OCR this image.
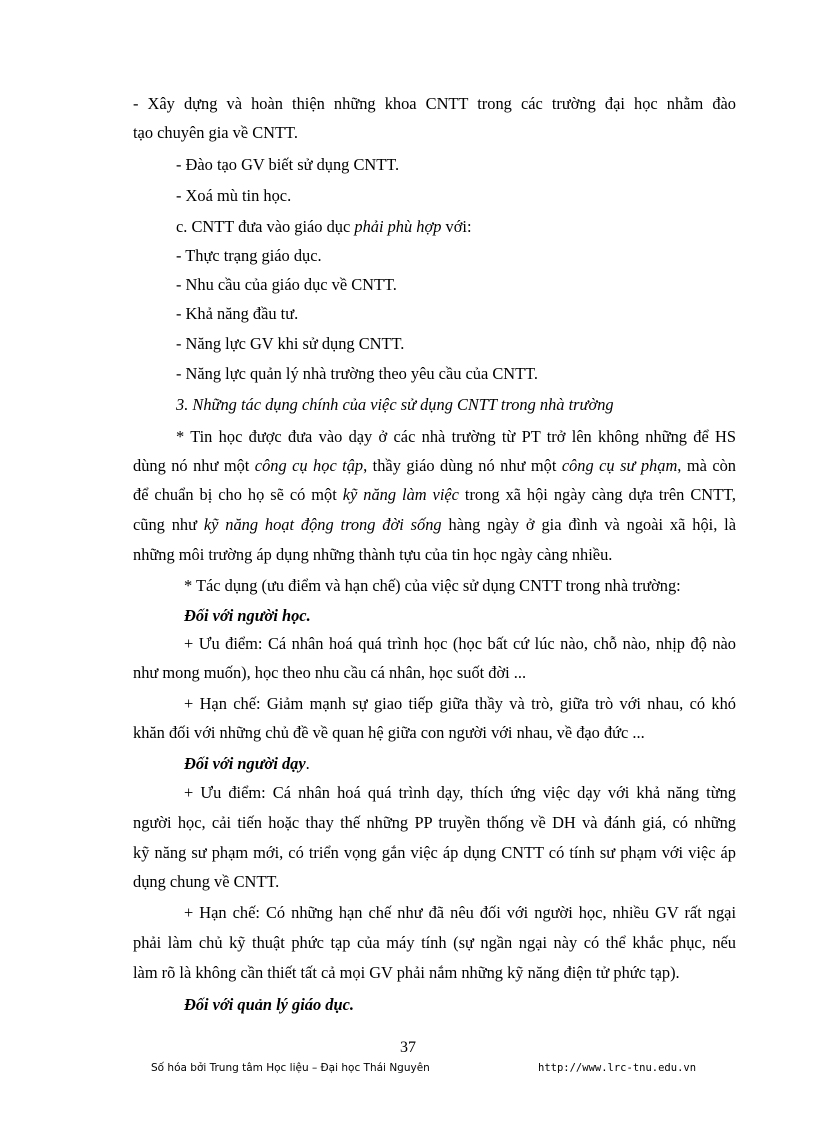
- Xây dựng và hoàn thiện những khoa CNTT trong các trường đại học nhằm đào
tạo chuyên gia về CNTT.
- Đào tạo GV biết sử dụng CNTT.
- Xoá mù tin học.
c. CNTT đưa vào giáo dục phải phù hợp với:
- Thực trạng giáo dục.
- Nhu cầu của giáo dục về CNTT.
- Khả năng đầu tư.
- Năng lực GV khi sử dụng CNTT.
- Năng lực quản lý nhà trường theo yêu cầu của CNTT.
3. Những tác dụng chính của việc sử dụng CNTT trong nhà trường
* Tin học được đưa vào dạy ở các nhà trường từ PT trở lên không những để HS
dùng nó như một công cụ học tập, thầy giáo dùng nó như một công cụ sư phạm, mà còn
để chuẩn bị cho họ sẽ có một kỹ năng làm việc trong xã hội ngày càng dựa trên CNTT,
cũng như kỹ năng hoạt động trong đời sống hàng ngày ở gia đình và ngoài xã hội, là
những môi trường áp dụng những thành tựu của tin học ngày càng nhiều.
* Tác dụng (ưu điểm và hạn chế) của việc sử dụng CNTT trong nhà trường:
Đối với người học.
+ Ưu điểm: Cá nhân hoá quá trình học (học bất cứ lúc nào, chỗ nào, nhịp độ nào
như mong muốn), học theo nhu cầu cá nhân, học suốt đời ...
+ Hạn chế: Giảm mạnh sự giao tiếp giữa thầy và trò, giữa trò với nhau, có khó
khăn đối với những chủ đề về quan hệ giữa con người với nhau, về đạo đức ...
Đối với người dạy.
+ Ưu điểm: Cá nhân hoá quá trình dạy, thích ứng việc dạy với khả năng từng
người học, cải tiến hoặc thay thế những PP truyền thống về DH và đánh giá, có những
kỹ năng sư phạm mới, có triển vọng gắn việc áp dụng CNTT có tính sư phạm với việc áp
dụng chung về CNTT.
+ Hạn chế: Có những hạn chế như đã nêu đối với người học, nhiều GV rất ngại
phải làm chủ kỹ thuật phức tạp của máy tính (sự ngần ngại này có thể khắc phục, nếu
làm rõ là không cần thiết tất cả mọi GV phải nắm những kỹ năng điện tử phức tạp).
Đối với quản lý giáo dục.
37
Số hóa bởi Trung tâm Học liệu – Đại học Thái Nguyên	http://www.lrc-tnu.edu.vn
